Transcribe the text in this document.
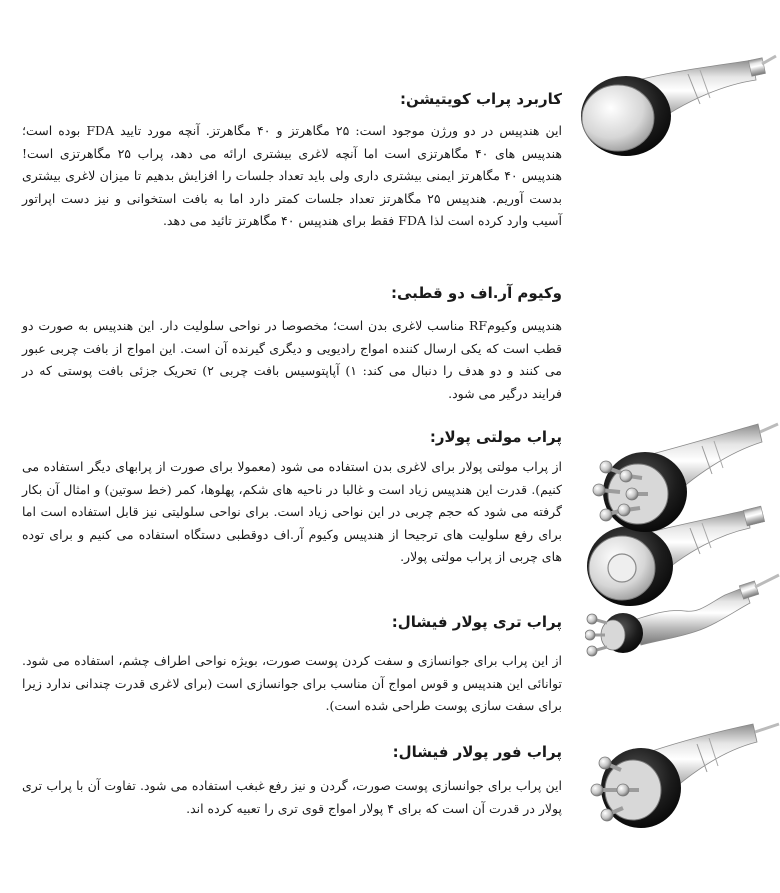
کاربرد پراب کویتیشن:
این هندپیس در دو ورژن موجود است: ۲۵ مگاهرتز و ۴۰ مگاهرتز. آنچه مورد تایید FDA بوده است؛ هندپیس های ۴۰ مگاهرتزی است اما آنچه لاغری بیشتری ارائه می دهد، پراب ۲۵ مگاهرتزی است! هندپیس ۴۰ مگاهرتز ایمنی بیشتری داری ولی باید تعداد جلسات را افزایش بدهیم تا میزان لاغری بیشتری بدست آوریم. هندپیس ۲۵ مگاهرتز تعداد جلسات کمتر دارد اما به بافت استخوانی و نیز دست اپراتور آسیب وارد کرده است لذا FDA فقط برای هندپیس ۴۰ مگاهرتز تائید می دهد.
وکیوم آر.اف دو قطبی:
هندپیس وکیومRF مناسب لاغری بدن است؛ مخصوصا در نواحی سلولیت دار. این هندپیس به صورت دو قطب است که یکی ارسال کننده امواج رادیویی و دیگری گیرنده آن است. این امواج از بافت چربی عبور می کنند و دو هدف را دنبال می کند: ۱) آپاپتوسیس بافت چربی ۲) تحریک جزئی بافت پوستی که در فرایند درگیر می شود.
پراب مولتی پولار:
از پراب مولتی پولار برای لاغری بدن استفاده می شود (معمولا برای صورت از پرابهای دیگر استفاده می کنیم). قدرت این هندپیس زیاد است و غالبا در ناحیه های شکم، پهلوها، کمر (خط سوتین) و امثال آن بکار گرفته می شود که حجم چربی در این نواحی زیاد است. برای نواحی سلولیتی نیز قابل استفاده است اما برای رفع سلولیت های ترجیحا از هندپیس وکیوم آر.اف دوقطبی دستگاه استفاده می کنیم و برای توده های چربی از پراب مولتی پولار.
پراب تری پولار فیشال:
از این پراب برای جوانسازی و سفت کردن پوست صورت، بویژه نواحی اطراف چشم، استفاده می شود. توانائی این هندپیس و قوس امواج آن مناسب برای جوانسازی است (برای لاغری قدرت چندانی ندارد زیرا برای سفت سازی پوست طراحی شده است).
پراب فور پولار فیشال:
این پراب برای جوانسازی پوست صورت، گردن و نیز رفع غبغب استفاده می شود. تفاوت آن با پراب تری پولار در قدرت آن است که برای ۴ پولار امواج قوی تری را تعبیه کرده اند.
